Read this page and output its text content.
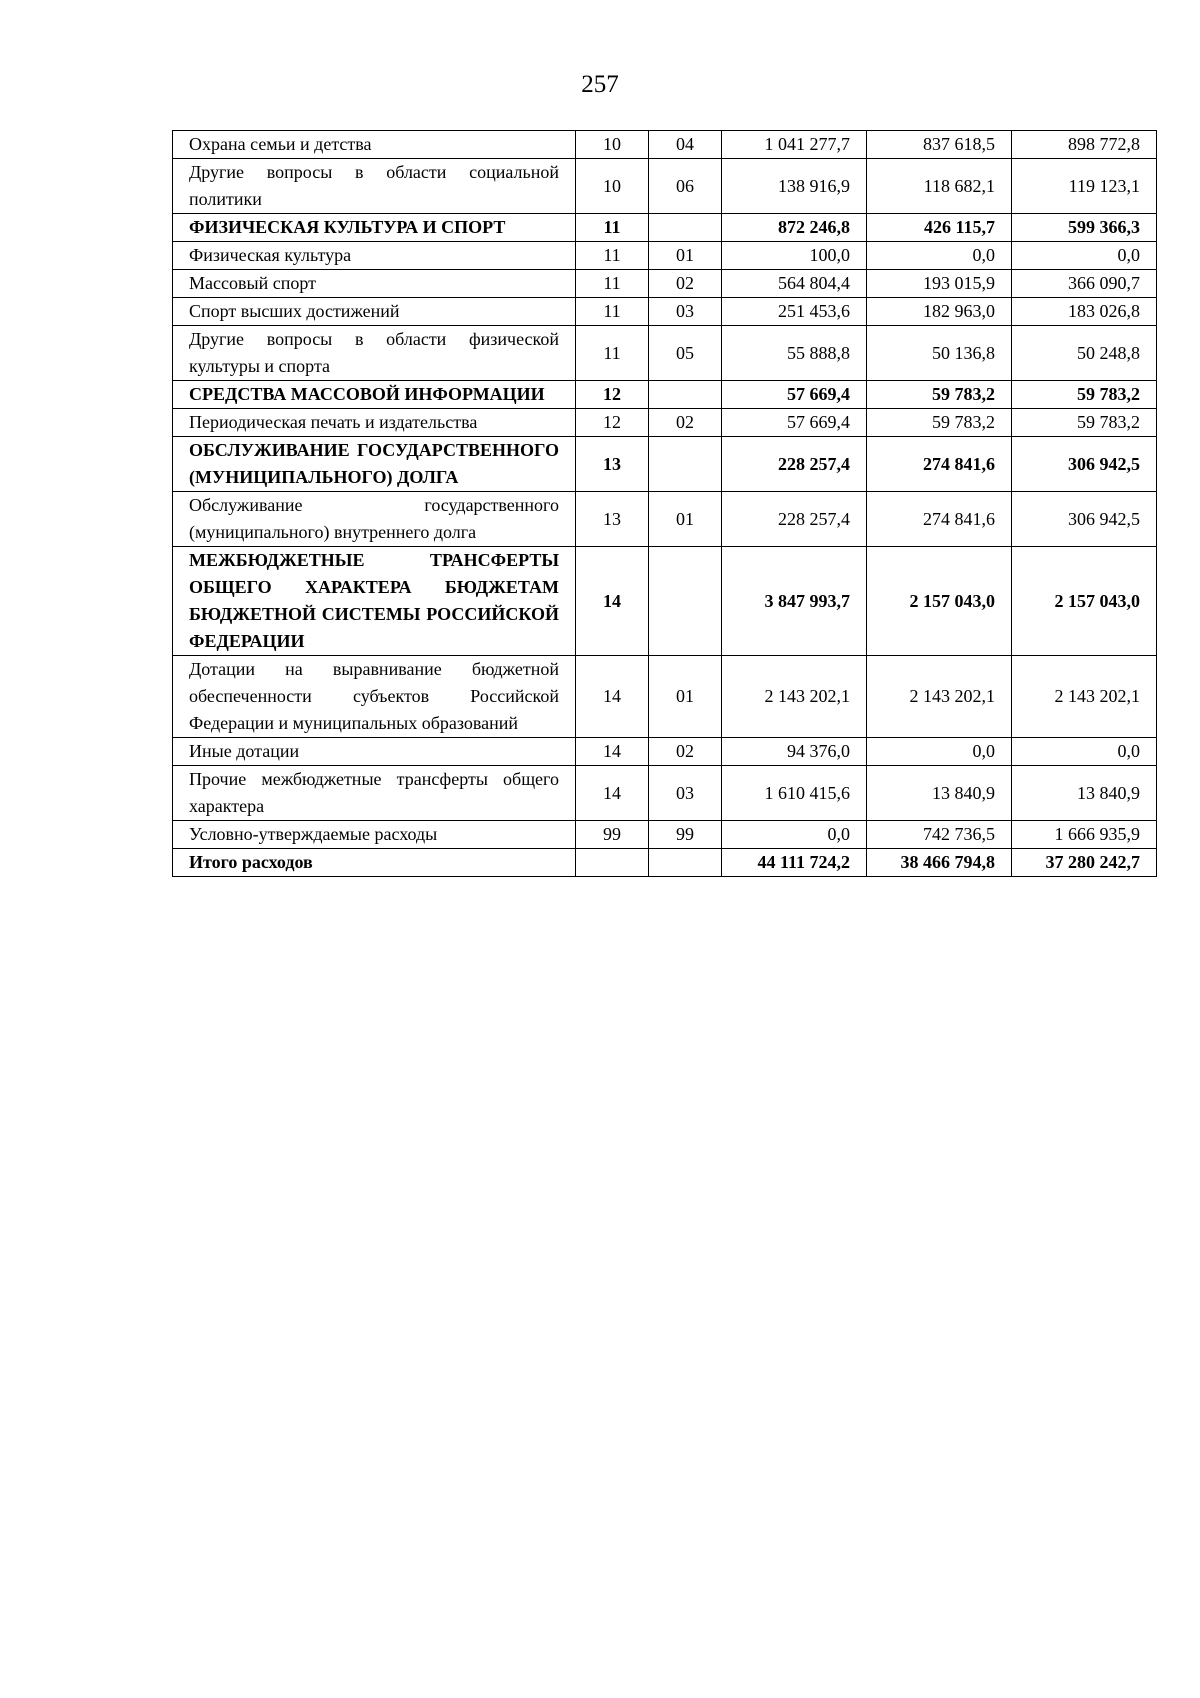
257
Охрана семьи и детства	10	04	1 041 277,7	837 618,5	898 772,8
Другие вопросы в области социальной политики	10	06	138 916,9	118 682,1	119 123,1
ФИЗИЧЕСКАЯ КУЛЬТУРА И СПОРТ	11		872 246,8	426 115,7	599 366,3
Физическая культура	11	01	100,0	0,0	0,0
Массовый спорт	11	02	564 804,4	193 015,9	366 090,7
Спорт высших достижений	11	03	251 453,6	182 963,0	183 026,8
Другие вопросы в области физической культуры и спорта	11	05	55 888,8	50 136,8	50 248,8
СРЕДСТВА МАССОВОЙ ИНФОРМАЦИИ	12		57 669,4	59 783,2	59 783,2
Периодическая печать и издательства	12	02	57 669,4	59 783,2	59 783,2
ОБСЛУЖИВАНИЕ ГОСУДАРСТВЕННОГО (МУНИЦИПАЛЬНОГО) ДОЛГА	13		228 257,4	274 841,6	306 942,5
Обслуживание государственного (муниципального) внутреннего долга	13	01	228 257,4	274 841,6	306 942,5
МЕЖБЮДЖЕТНЫЕ ТРАНСФЕРТЫ ОБЩЕГО ХАРАКТЕРА БЮДЖЕТАМ БЮДЖЕТНОЙ СИСТЕМЫ РОССИЙСКОЙ ФЕДЕРАЦИИ	14		3 847 993,7	2 157 043,0	2 157 043,0
Дотации на выравнивание бюджетной обеспеченности субъектов Российской Федерации и муниципальных образований	14	01	2 143 202,1	2 143 202,1	2 143 202,1
Иные дотации	14	02	94 376,0	0,0	0,0
Прочие межбюджетные трансферты общего характера	14	03	1 610 415,6	13 840,9	13 840,9
Условно-утверждаемые расходы	99	99	0,0	742 736,5	1 666 935,9
Итого расходов			44 111 724,2	38 466 794,8	37 280 242,7
